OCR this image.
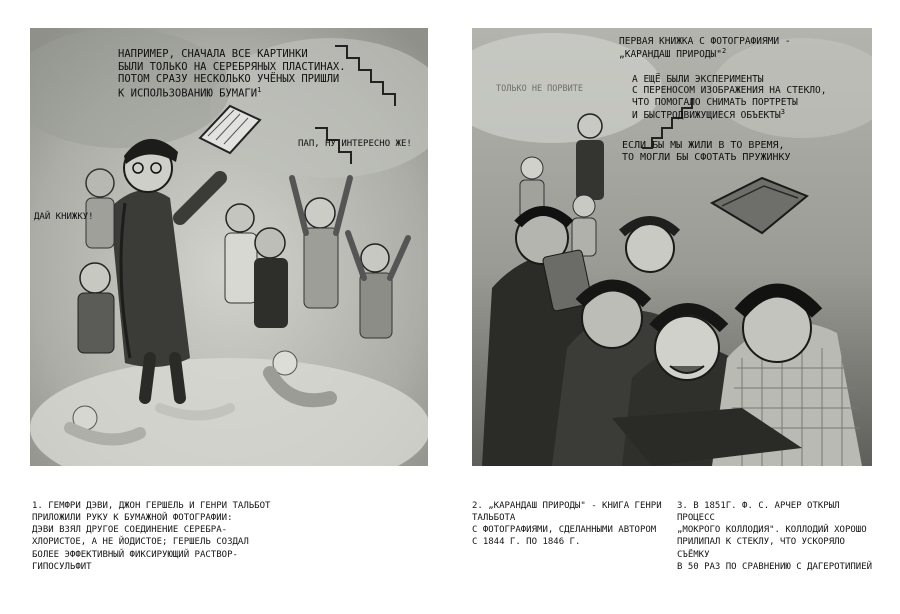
НАПРИМЕР, СНАЧАЛА ВСЕ КАРТИНКИ
БЫЛИ ТОЛЬКО НА СЕРЕБРЯНЫХ ПЛАСТИНАХ.
ПОТОМ СРАЗУ НЕСКОЛЬКО УЧЁНЫХ ПРИШЛИ
К ИСПОЛЬЗОВАНИЮ БУМАГИ$^1$
ПАП, НУ ИНТЕРЕСНО ЖЕ!
ДАЙ КНИЖКУ!
ТОЛЬКО НЕ ПОРВИТЕ
ПЕРВАЯ КНИЖКА С ФОТОГРАФИЯМИ -
„КАРАНДАШ ПРИРОДЫ"$^2$
А ЕЩЁ БЫЛИ ЭКСПЕРИМЕНТЫ
С ПЕРЕНОСОМ ИЗОБРАЖЕНИЯ НА СТЕКЛО,
ЧТО ПОМОГАЛО СНИМАТЬ ПОРТРЕТЫ
И БЫСТРОДВИЖУЩИЕСЯ ОБЪЕКТЫ$^3$
ЕСЛИ БЫ МЫ ЖИЛИ В ТО ВРЕМЯ,
ТО МОГЛИ БЫ СФОТАТЬ ПРУЖИНКУ
1. ГЕМФРИ ДЭВИ, ДЖОН ГЕРШЕЛЬ И ГЕНРИ ТАЛЬБОТ
ПРИЛОЖИЛИ РУКУ К БУМАЖНОЙ ФОТОГРАФИИ:
ДЭВИ ВЗЯЛ ДРУГОЕ СОЕДИНЕНИЕ СЕРЕБРА-
ХЛОРИСТОЕ, А НЕ ЙОДИСТОЕ; ГЕРШЕЛЬ СОЗДАЛ
БОЛЕЕ ЭФФЕКТИВНЫЙ ФИКСИРУЮЩИЙ РАСТВОР-
ГИПОСУЛЬФИТ
2. „КАРАНДАШ ПРИРОДЫ" - КНИГА ГЕНРИ ТАЛЬБОТА
С ФОТОГРАФИЯМИ, СДЕЛАННЫМИ АВТОРОМ
С 1844 Г. ПО 1846 Г.
3. В 1851Г. Ф. С. АРЧЕР ОТКРЫЛ ПРОЦЕСС
„МОКРОГО КОЛЛОДИЯ". КОЛЛОДИЙ ХОРОШО
ПРИЛИПАЛ К СТЕКЛУ, ЧТО УСКОРЯЛО СЪЁМКУ
В 50 РАЗ ПО СРАВНЕНИЮ С ДАГЕРОТИПИЕЙ
